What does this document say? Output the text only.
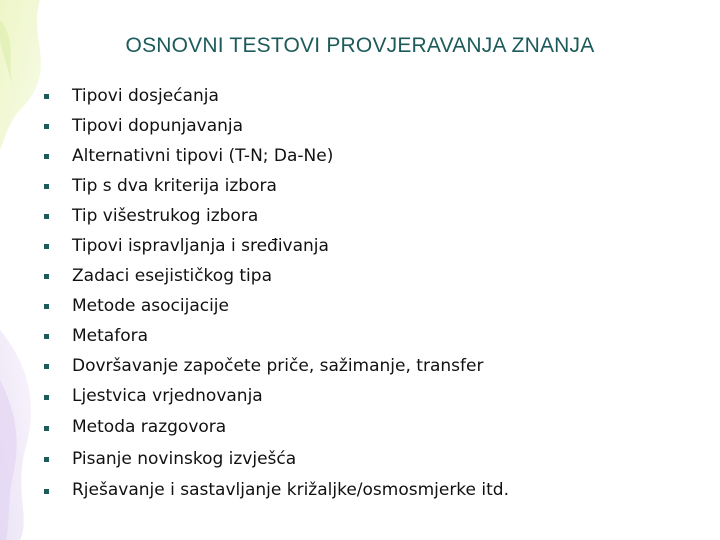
OSNOVNI TESTOVI PROVJERAVANJA ZNANJA
Tipovi dosjećanja
Tipovi dopunjavanja
Alternativni tipovi (T-N; Da-Ne)
Tip s dva kriterija izbora
Tip višestrukog izbora
Tipovi ispravljanja i sređivanja
Zadaci esejističkog tipa
Metode asocijacije
Metafora
Dovršavanje započete priče, sažimanje, transfer
Ljestvica vrjednovanja
Metoda razgovora
Pisanje novinskog izvješća
Rješavanje i sastavljanje križaljke/osmosmjerke itd.
